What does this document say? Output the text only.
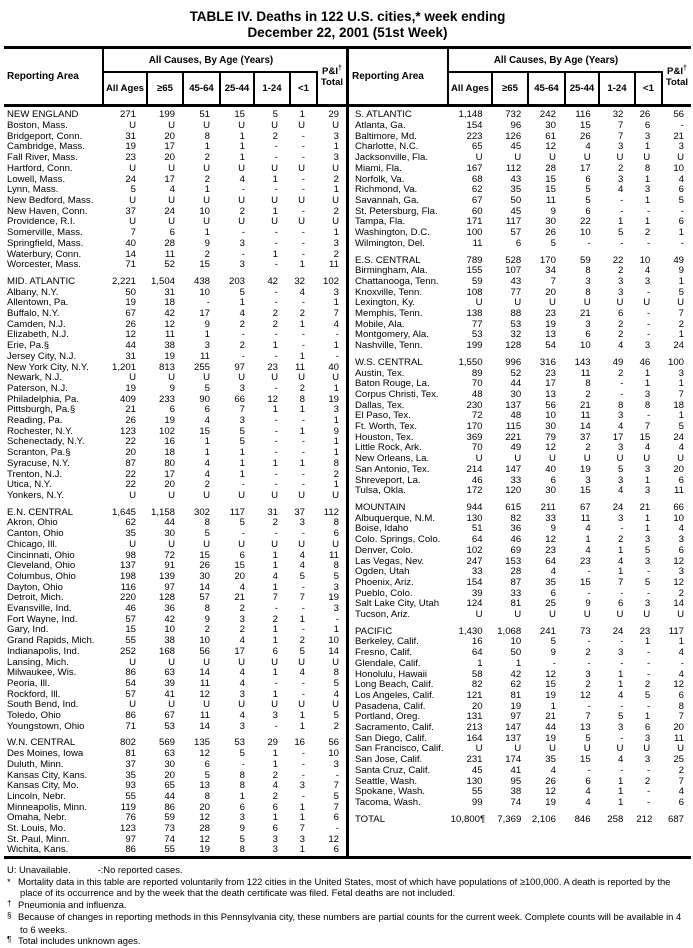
TABLE IV. Deaths in 122 U.S. cities,* week ending
December 22, 2001 (51st Week)
Reporting Area
All Causes, By Age (Years)
All Ages	≥65	45-64	25-44	1-24	<1
P&I†
Total
Reporting Area
All Causes, By Age (Years)
All Ages	≥65	45-64	25-44	1-24	<1
P&I†
Total
NEW ENGLAND	271	199	51	15	5	1	29
Boston, Mass.	U	U	U	U	U	U	U
Bridgeport, Conn.	31	20	8	1	2	-	3
Cambridge, Mass.	19	17	1	1	-	-	1
Fall River, Mass.	23	20	2	1	-	-	3
Hartford, Conn.	U	U	U	U	U	U	U
Lowell, Mass.	24	17	2	4	1	-	2
Lynn, Mass.	5	4	1	-	-	-	1
New Bedford, Mass.	U	U	U	U	U	U	U
New Haven, Conn.	37	24	10	2	1	-	2
Providence, R.I.	U	U	U	U	U	U	U
Somerville, Mass.	7	6	1	-	-	-	1
Springfield, Mass.	40	28	9	3	-	-	3
Waterbury, Conn.	14	11	2	-	1	-	2
Worcester, Mass.	71	52	15	3	-	1	11
MID. ATLANTIC	2,221	1,504	438	203	42	32	102
Albany, N.Y.	50	31	10	5	-	4	3
Allentown, Pa.	19	18	-	1	-	-	1
Buffalo, N.Y.	67	42	17	4	2	2	7
Camden, N.J.	26	12	9	2	2	1	4
Elizabeth, N.J.	12	11	1	-	-	-	-
Erie, Pa.§	44	38	3	2	1	-	1
Jersey City, N.J.	31	19	11	-	-	1	-
New York City, N.Y.	1,201	813	255	97	23	11	40
Newark, N.J.	U	U	U	U	U	U	U
Paterson, N.J.	19	9	5	3	-	2	1
Philadelphia, Pa.	409	233	90	66	12	8	19
Pittsburgh, Pa.§	21	6	6	7	1	1	3
Reading, Pa.	26	19	4	3	-	-	1
Rochester, N.Y.	123	102	15	5	-	1	9
Schenectady, N.Y.	22	16	1	5	-	-	1
Scranton, Pa.§	20	18	1	1	-	-	1
Syracuse, N.Y.	87	80	4	1	1	1	8
Trenton, N.J.	22	17	4	1	-	-	2
Utica, N.Y.	22	20	2	-	-	-	1
Yonkers, N.Y.	U	U	U	U	U	U	U
E.N. CENTRAL	1,645	1,158	302	117	31	37	112
Akron, Ohio	62	44	8	5	2	3	8
Canton, Ohio	35	30	5	-	-	-	6
Chicago, Ill.	U	U	U	U	U	U	U
Cincinnati, Ohio	98	72	15	6	1	4	11
Cleveland, Ohio	137	91	26	15	1	4	8
Columbus, Ohio	198	139	30	20	4	5	5
Dayton, Ohio	116	97	14	4	1	-	3
Detroit, Mich.	220	128	57	21	7	7	19
Evansville, Ind.	46	36	8	2	-	-	3
Fort Wayne, Ind.	57	42	9	3	2	1	-
Gary, Ind.	15	10	2	2	1	-	1
Grand Rapids, Mich.	55	38	10	4	1	2	10
Indianapolis, Ind.	252	168	56	17	6	5	14
Lansing, Mich.	U	U	U	U	U	U	U
Milwaukee, Wis.	86	63	14	4	1	4	8
Peoria, Ill.	54	39	11	4	-	-	5
Rockford, Ill.	57	41	12	3	1	-	4
South Bend, Ind.	U	U	U	U	U	U	U
Toledo, Ohio	86	67	11	4	3	1	5
Youngstown, Ohio	71	53	14	3	-	1	2
W.N. CENTRAL	802	569	135	53	29	16	56
Des Moines, Iowa	81	63	12	5	1	-	10
Duluth, Minn.	37	30	6	-	1	-	3
Kansas City, Kans.	35	20	5	8	2	-	-
Kansas City, Mo.	93	65	13	8	4	3	7
Lincoln, Nebr.	55	44	8	1	2	-	5
Minneapolis, Minn.	119	86	20	6	6	1	7
Omaha, Nebr.	76	59	12	3	1	1	6
St. Louis, Mo.	123	73	28	9	6	7	-
St. Paul, Minn.	97	74	12	5	3	3	12
Wichita, Kans.	86	55	19	8	3	1	6
S. ATLANTIC	1,148	732	242	116	32	26	56
Atlanta, Ga.	154	96	30	15	7	6	-
Baltimore, Md.	223	126	61	26	7	3	21
Charlotte, N.C.	65	45	12	4	3	1	3
Jacksonville, Fla.	U	U	U	U	U	U	U
Miami, Fla.	167	112	28	17	2	8	10
Norfolk, Va.	68	43	15	6	3	1	4
Richmond, Va.	62	35	15	5	4	3	6
Savannah, Ga.	67	50	11	5	-	1	5
St. Petersburg, Fla.	60	45	9	6	-	-	-
Tampa, Fla.	171	117	30	22	1	1	6
Washington, D.C.	100	57	26	10	5	2	1
Wilmington, Del.	11	6	5	-	-	-	-
E.S. CENTRAL	789	528	170	59	22	10	49
Birmingham, Ala.	155	107	34	8	2	4	9
Chattanooga, Tenn.	59	43	7	3	3	3	1
Knoxville, Tenn.	108	77	20	8	3	-	5
Lexington, Ky.	U	U	U	U	U	U	U
Memphis, Tenn.	138	88	23	21	6	-	7
Mobile, Ala.	77	53	19	3	2	-	2
Montgomery, Ala.	53	32	13	6	2	-	1
Nashville, Tenn.	199	128	54	10	4	3	24
W.S. CENTRAL	1,550	996	316	143	49	46	100
Austin, Tex.	89	52	23	11	2	1	3
Baton Rouge, La.	70	44	17	8	-	1	1
Corpus Christi, Tex.	48	30	13	2	-	3	7
Dallas, Tex.	230	137	56	21	8	8	18
El Paso, Tex.	72	48	10	11	3	-	1
Ft. Worth, Tex.	170	115	30	14	4	7	5
Houston, Tex.	369	221	79	37	17	15	24
Little Rock, Ark.	70	49	12	2	3	4	4
New Orleans, La.	U	U	U	U	U	U	U
San Antonio, Tex.	214	147	40	19	5	3	20
Shreveport, La.	46	33	6	3	3	1	6
Tulsa, Okla.	172	120	30	15	4	3	11
MOUNTAIN	944	615	211	67	24	21	66
Albuquerque, N.M.	130	82	33	11	3	1	10
Boise, Idaho	51	36	9	4	-	1	4
Colo. Springs, Colo.	64	46	12	1	2	3	3
Denver, Colo.	102	69	23	4	1	5	6
Las Vegas, Nev.	247	153	64	23	4	3	12
Ogden, Utah	33	28	4	-	1	-	3
Phoenix, Ariz.	154	87	35	15	7	5	12
Pueblo, Colo.	39	33	6	-	-	-	2
Salt Lake City, Utah	124	81	25	9	6	3	14
Tucson, Ariz.	U	U	U	U	U	U	U
PACIFIC	1,430	1,068	241	73	24	23	117
Berkeley, Calif.	16	10	5	-	-	1	1
Fresno, Calif.	64	50	9	2	3	-	4
Glendale, Calif.	1	1	-	-	-	-	-
Honolulu, Hawaii	58	42	12	3	1	-	4
Long Beach, Calif.	82	62	15	2	1	2	12
Los Angeles, Calif.	121	81	19	12	4	5	6
Pasadena, Calif.	20	19	1	-	-	-	8
Portland, Oreg.	131	97	21	7	5	1	7
Sacramento, Calif.	213	147	44	13	3	6	20
San Diego, Calif.	164	137	19	5	-	3	11
San Francisco, Calif.	U	U	U	U	U	U	U
San Jose, Calif.	231	174	35	15	4	3	25
Santa Cruz, Calif.	45	41	4	-	-	-	2
Seattle, Wash.	130	95	26	6	1	2	7
Spokane, Wash.	55	38	12	4	1	-	4
Tacoma, Wash.	99	74	19	4	1	-	6
TOTAL	10,800¶	7,369	2,106	846	258	212	687
U: Unavailable.	-:No reported cases.
* Mortality data in this table are reported voluntarily from 122 cities in the United States, most of which have populations of ≥100,000. A death is reported by the place of its occurrence and by the week that the death certificate was filed. Fetal deaths are not included.
† Pneumonia and influenza.
§ Because of changes in reporting methods in this Pennsylvania city, these numbers are partial counts for the current week. Complete counts will be available in 4 to 6 weeks.
¶ Total includes unknown ages.
